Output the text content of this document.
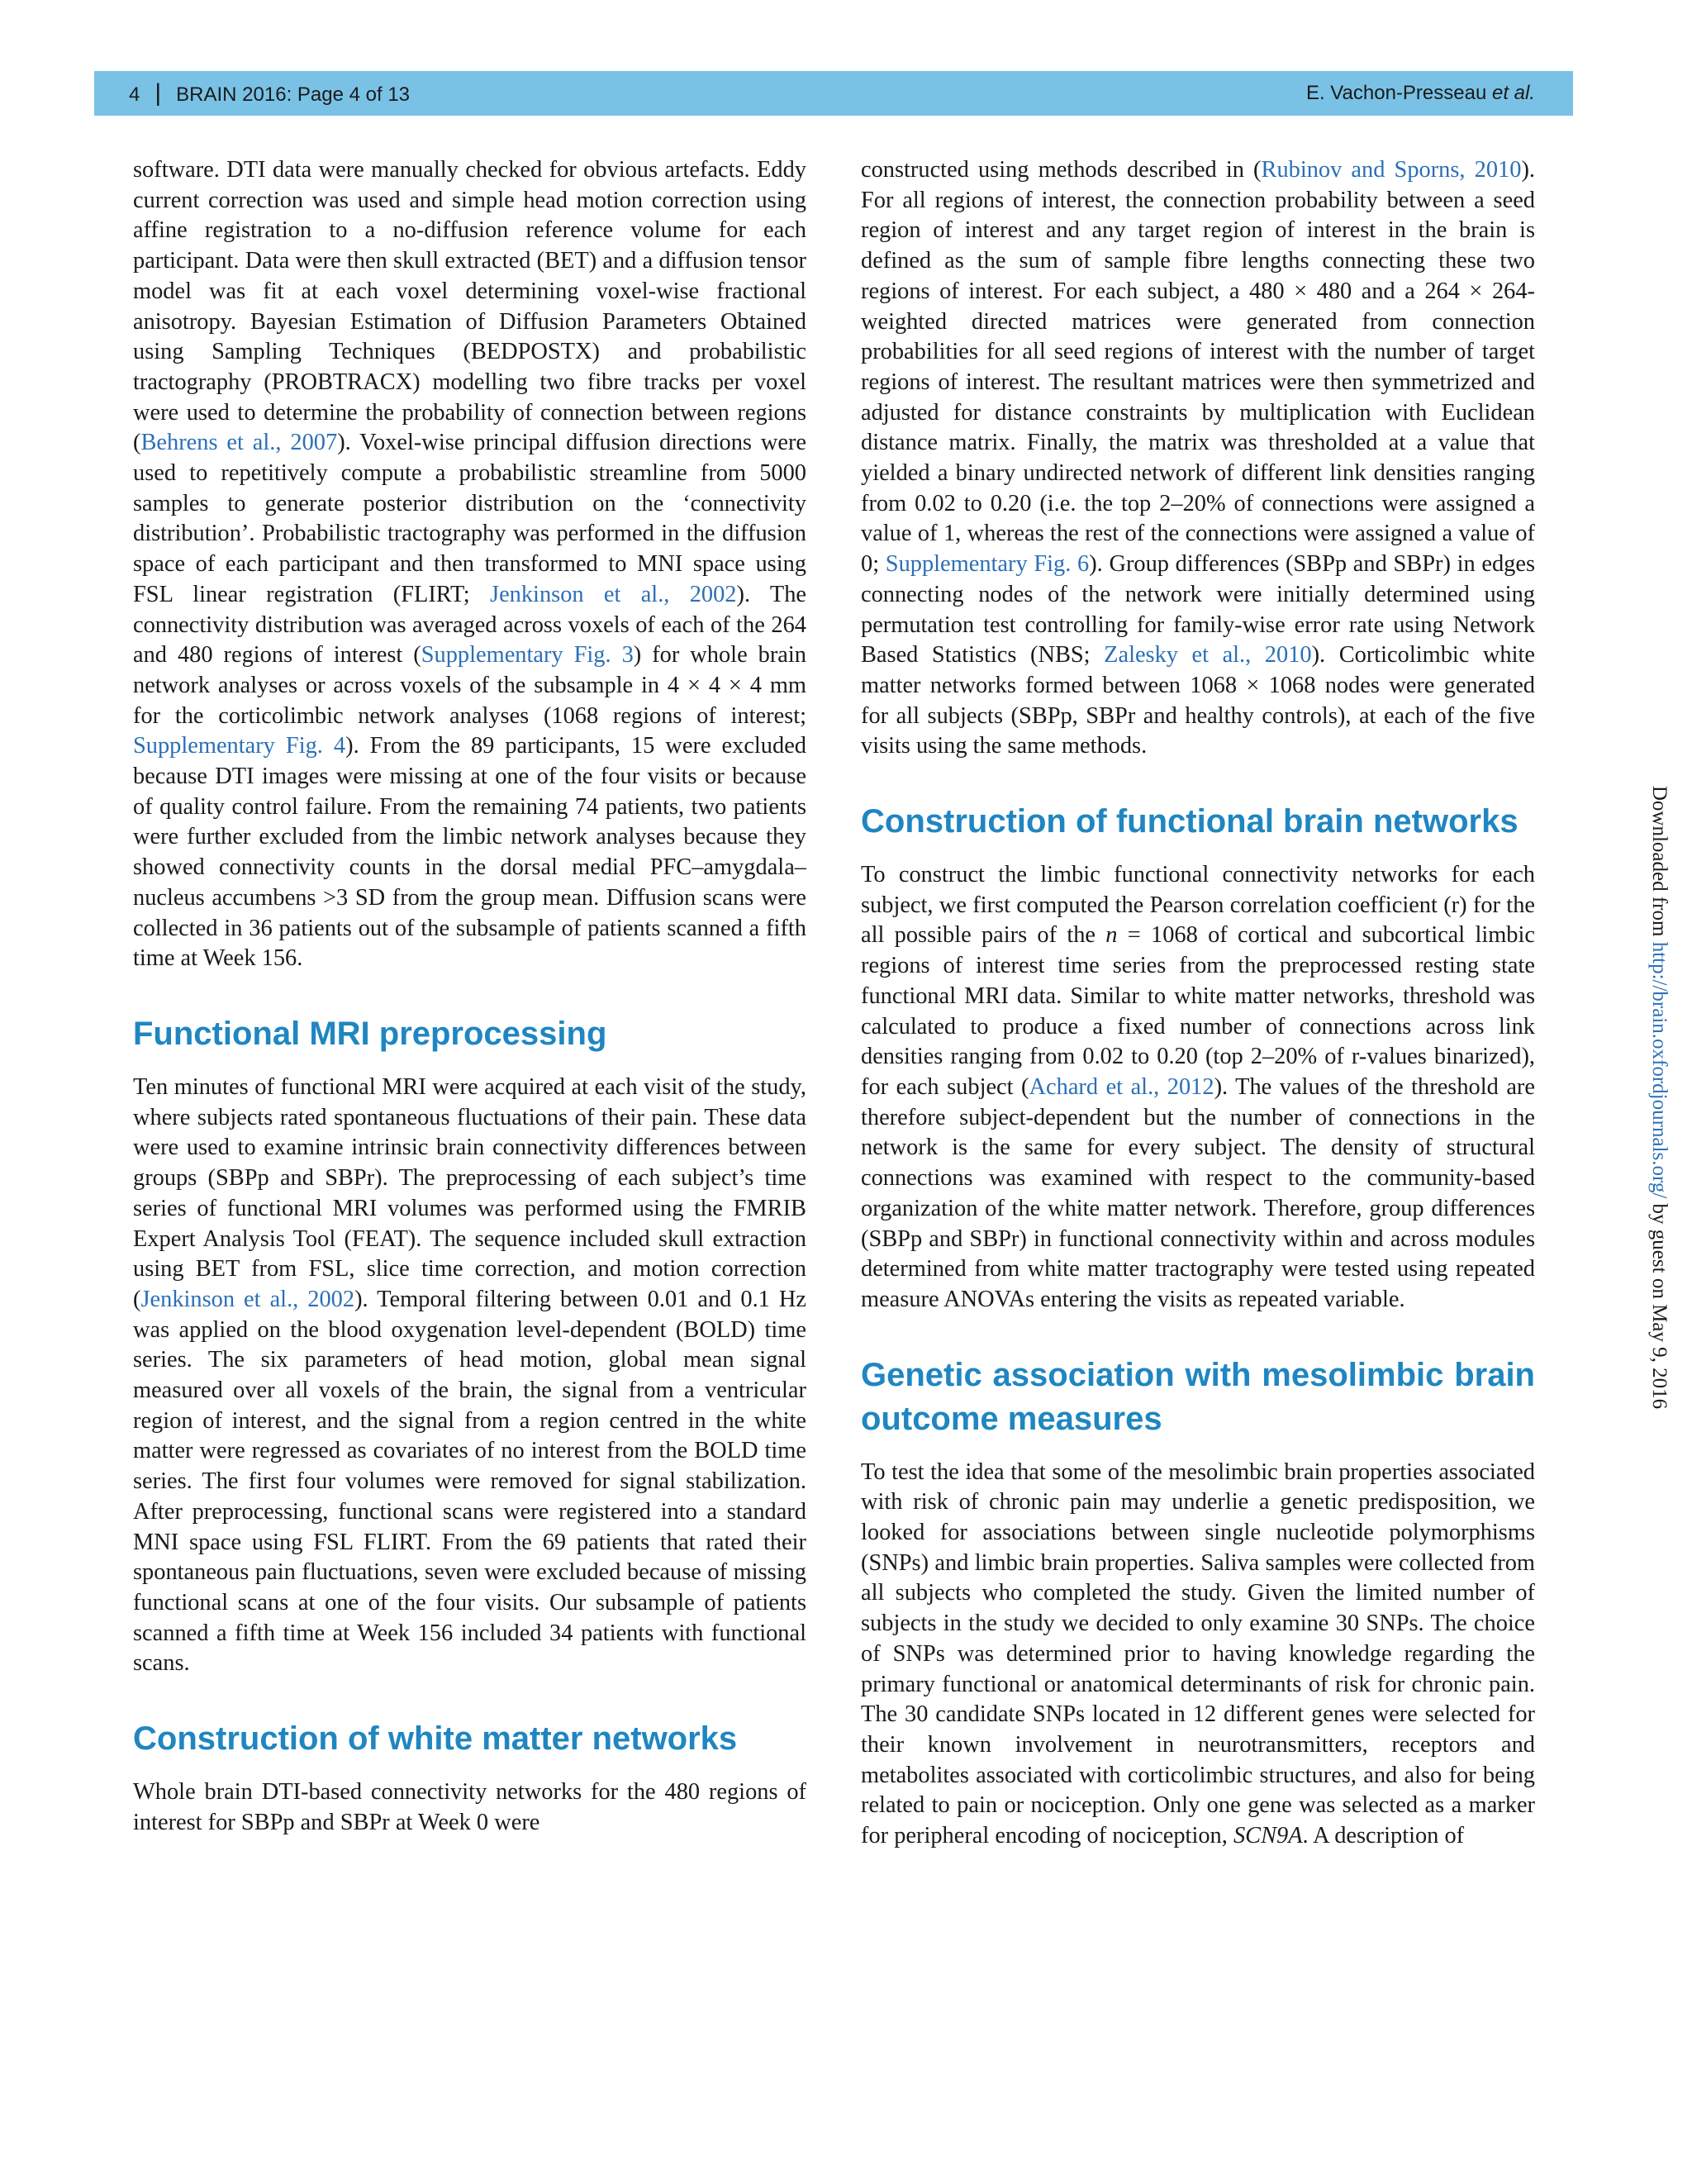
4 | BRAIN 2016: Page 4 of 13	E. Vachon-Presseau et al.

software. DTI data were manually checked for obvious artefacts. Eddy current correction was used and simple head motion correction using affine registration to a no-diffusion reference volume for each participant. Data were then skull extracted (BET) and a diffusion tensor model was fit at each voxel determining voxel-wise fractional anisotropy. Bayesian Estimation of Diffusion Parameters Obtained using Sampling Techniques (BEDPOSTX) and probabilistic tractography (PROBTRACX) modelling two fibre tracks per voxel were used to determine the probability of connection between regions (Behrens et al., 2007). Voxel-wise principal diffusion directions were used to repetitively compute a probabilistic streamline from 5000 samples to generate posterior distribution on the ‘connectivity distribution’. Probabilistic tractography was performed in the diffusion space of each participant and then transformed to MNI space using FSL linear registration (FLIRT; Jenkinson et al., 2002). The connectivity distribution was averaged across voxels of each of the 264 and 480 regions of interest (Supplementary Fig. 3) for whole brain network analyses or across voxels of the subsample in 4 × 4 × 4 mm for the corticolimbic network analyses (1068 regions of interest; Supplementary Fig. 4). From the 89 participants, 15 were excluded because DTI images were missing at one of the four visits or because of quality control failure. From the remaining 74 patients, two patients were further excluded from the limbic network analyses because they showed connectivity counts in the dorsal medial PFC–amygdala–nucleus accumbens >3 SD from the group mean. Diffusion scans were collected in 36 patients out of the subsample of patients scanned a fifth time at Week 156.

Functional MRI preprocessing

Ten minutes of functional MRI were acquired at each visit of the study, where subjects rated spontaneous fluctuations of their pain. These data were used to examine intrinsic brain connectivity differences between groups (SBPp and SBPr). The preprocessing of each subject’s time series of functional MRI volumes was performed using the FMRIB Expert Analysis Tool (FEAT). The sequence included skull extraction using BET from FSL, slice time correction, and motion correction (Jenkinson et al., 2002). Temporal filtering between 0.01 and 0.1 Hz was applied on the blood oxygenation level-dependent (BOLD) time series. The six parameters of head motion, global mean signal measured over all voxels of the brain, the signal from a ventricular region of interest, and the signal from a region centred in the white matter were regressed as covariates of no interest from the BOLD time series. The first four volumes were removed for signal stabilization. After preprocessing, functional scans were registered into a standard MNI space using FSL FLIRT. From the 69 patients that rated their spontaneous pain fluctuations, seven were excluded because of missing functional scans at one of the four visits. Our subsample of patients scanned a fifth time at Week 156 included 34 patients with functional scans.

Construction of white matter networks

Whole brain DTI-based connectivity networks for the 480 regions of interest for SBPp and SBPr at Week 0 were

constructed using methods described in (Rubinov and Sporns, 2010). For all regions of interest, the connection probability between a seed region of interest and any target region of interest in the brain is defined as the sum of sample fibre lengths connecting these two regions of interest. For each subject, a 480 × 480 and a 264 × 264-weighted directed matrices were generated from connection probabilities for all seed regions of interest with the number of target regions of interest. The resultant matrices were then symmetrized and adjusted for distance constraints by multiplication with Euclidean distance matrix. Finally, the matrix was thresholded at a value that yielded a binary undirected network of different link densities ranging from 0.02 to 0.20 (i.e. the top 2–20% of connections were assigned a value of 1, whereas the rest of the connections were assigned a value of 0; Supplementary Fig. 6). Group differences (SBPp and SBPr) in edges connecting nodes of the network were initially determined using permutation test controlling for family-wise error rate using Network Based Statistics (NBS; Zalesky et al., 2010). Corticolimbic white matter networks formed between 1068 × 1068 nodes were generated for all subjects (SBPp, SBPr and healthy controls), at each of the five visits using the same methods.

Construction of functional brain networks

To construct the limbic functional connectivity networks for each subject, we first computed the Pearson correlation coefficient (r) for the all possible pairs of the n = 1068 of cortical and subcortical limbic regions of interest time series from the preprocessed resting state functional MRI data. Similar to white matter networks, threshold was calculated to produce a fixed number of connections across link densities ranging from 0.02 to 0.20 (top 2–20% of r-values binarized), for each subject (Achard et al., 2012). The values of the threshold are therefore subject-dependent but the number of connections in the network is the same for every subject. The density of structural connections was examined with respect to the community-based organization of the white matter network. Therefore, group differences (SBPp and SBPr) in functional connectivity within and across modules determined from white matter tractography were tested using repeated measure ANOVAs entering the visits as repeated variable.

Genetic association with mesolimbic brain outcome measures

To test the idea that some of the mesolimbic brain properties associated with risk of chronic pain may underlie a genetic predisposition, we looked for associations between single nucleotide polymorphisms (SNPs) and limbic brain properties. Saliva samples were collected from all subjects who completed the study. Given the limited number of subjects in the study we decided to only examine 30 SNPs. The choice of SNPs was determined prior to having knowledge regarding the primary functional or anatomical determinants of risk for chronic pain. The 30 candidate SNPs located in 12 different genes were selected for their known involvement in neurotransmitters, receptors and metabolites associated with corticolimbic structures, and also for being related to pain or nociception. Only one gene was selected as a marker for peripheral encoding of nociception, SCN9A. A description of

Downloaded from http://brain.oxfordjournals.org/ by guest on May 9, 2016
